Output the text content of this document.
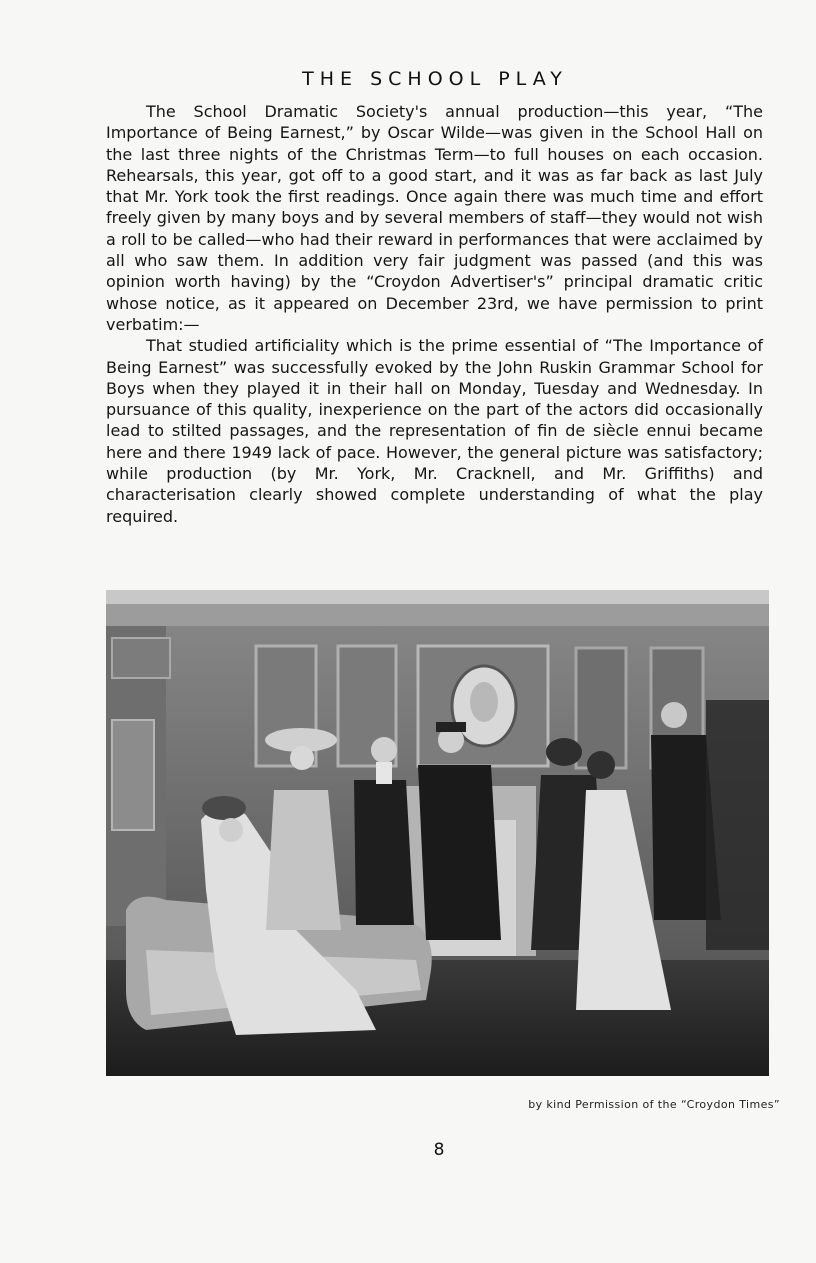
THE SCHOOL PLAY

The School Dramatic Society's annual production—this year, “The Importance of Being Earnest,” by Oscar Wilde—was given in the School Hall on the last three nights of the Christmas Term—to full houses on each occasion. Rehearsals, this year, got off to a good start, and it was as far back as last July that Mr. York took the first readings. Once again there was much time and effort freely given by many boys and by several members of staff—they would not wish a roll to be called—who had their reward in performances that were acclaimed by all who saw them. In addition very fair judgment was passed (and this was opinion worth having) by the “Croydon Advertiser's” principal dramatic critic whose notice, as it appeared on December 23rd, we have permission to print verbatim:—

That studied artificiality which is the prime essential of “The Importance of Being Earnest” was successfully evoked by the John Ruskin Grammar School for Boys when they played it in their hall on Monday, Tuesday and Wednesday. In pursuance of this quality, inexperience on the part of the actors did occasionally lead to stilted passages, and the representation of fin de siècle ennui became here and there 1949 lack of pace. However, the general picture was satisfactory; while production (by Mr. York, Mr. Cracknell, and Mr. Griffiths) and characterisation clearly showed complete understanding of what the play required.

by kind Permission of the “Croydon Times”
8
